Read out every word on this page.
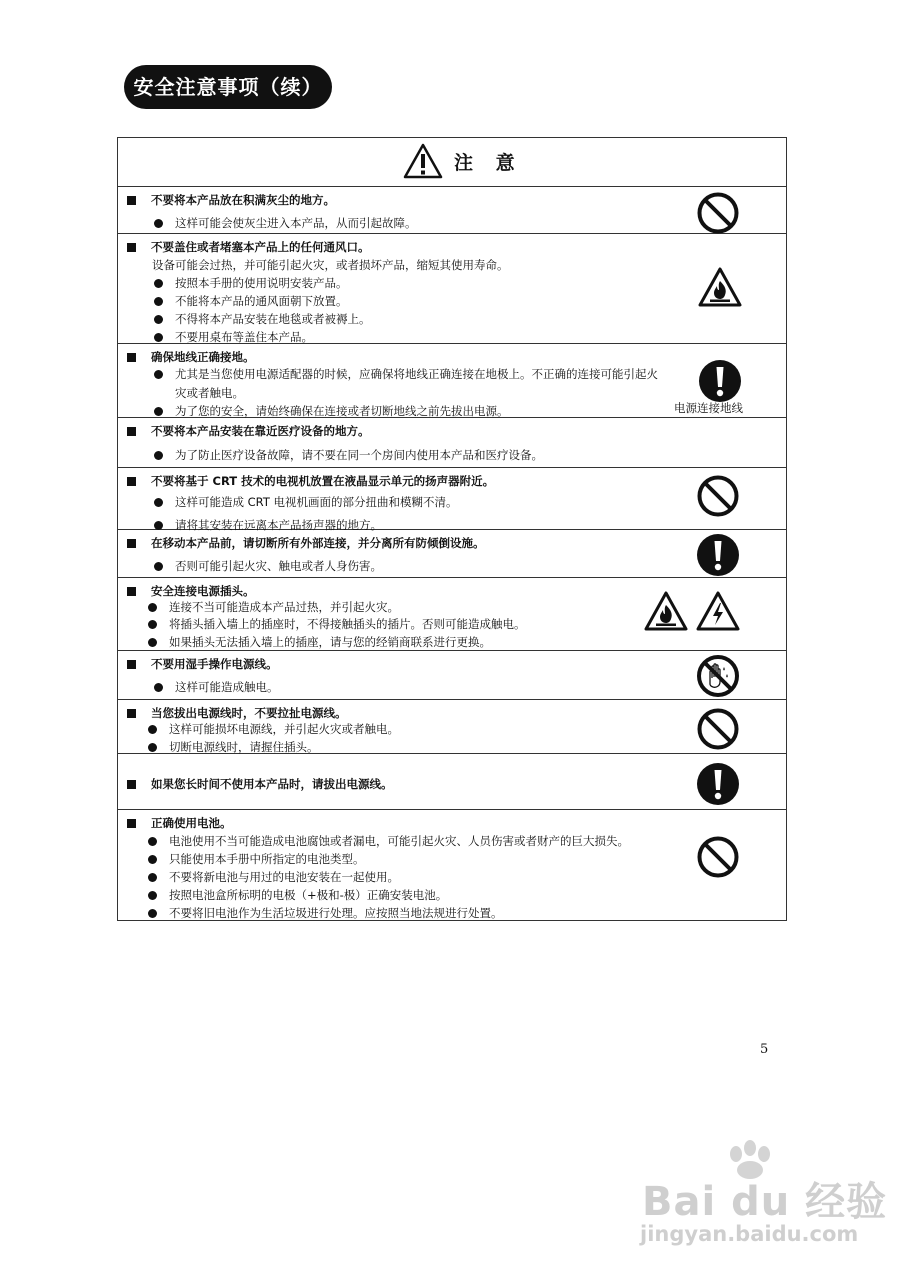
安全注意事项（续）
注 意
不要将本产品放在积满灰尘的地方。
这样可能会使灰尘进入本产品，从而引起故障。
不要盖住或者堵塞本产品上的任何通风口。
设备可能会过热，并可能引起火灾，或者损坏产品，缩短其使用寿命。
按照本手册的使用说明安装产品。
不能将本产品的通风面朝下放置。
不得将本产品安装在地毯或者被褥上。
不要用桌布等盖住本产品。
确保地线正确接地。
尤其是当您使用电源适配器的时候，应确保将地线正确连接在地极上。不正确的连接可能引起火
灾或者触电。
为了您的安全，请始终确保在连接或者切断地线之前先拔出电源。	电源连接地线
不要将本产品安装在靠近医疗设备的地方。
为了防止医疗设备故障，请不要在同一个房间内使用本产品和医疗设备。
不要将基于 CRT 技术的电视机放置在液晶显示单元的扬声器附近。
这样可能造成 CRT 电视机画面的部分扭曲和模糊不清。
请将其安装在远离本产品扬声器的地方。
在移动本产品前，请切断所有外部连接，并分离所有防倾倒设施。
否则可能引起火灾、触电或者人身伤害。
安全连接电源插头。
连接不当可能造成本产品过热，并引起火灾。
将插头插入墙上的插座时，不得接触插头的插片。否则可能造成触电。
如果插头无法插入墙上的插座，请与您的经销商联系进行更换。
不要用湿手操作电源线。
这样可能造成触电。
当您拔出电源线时，不要拉扯电源线。
这样可能损坏电源线，并引起火灾或者触电。
切断电源线时，请握住插头。
如果您长时间不使用本产品时，请拔出电源线。
正确使用电池。
电池使用不当可能造成电池腐蚀或者漏电，可能引起火灾、人员伤害或者财产的巨大损失。
只能使用本手册中所指定的电池类型。
不要将新电池与用过的电池安装在一起使用。
按照电池盒所标明的电极（+极和-极）正确安装电池。
不要将旧电池作为生活垃圾进行处理。应按照当地法规进行处置。
5
Bai du 经验
jingyan.baidu.com
